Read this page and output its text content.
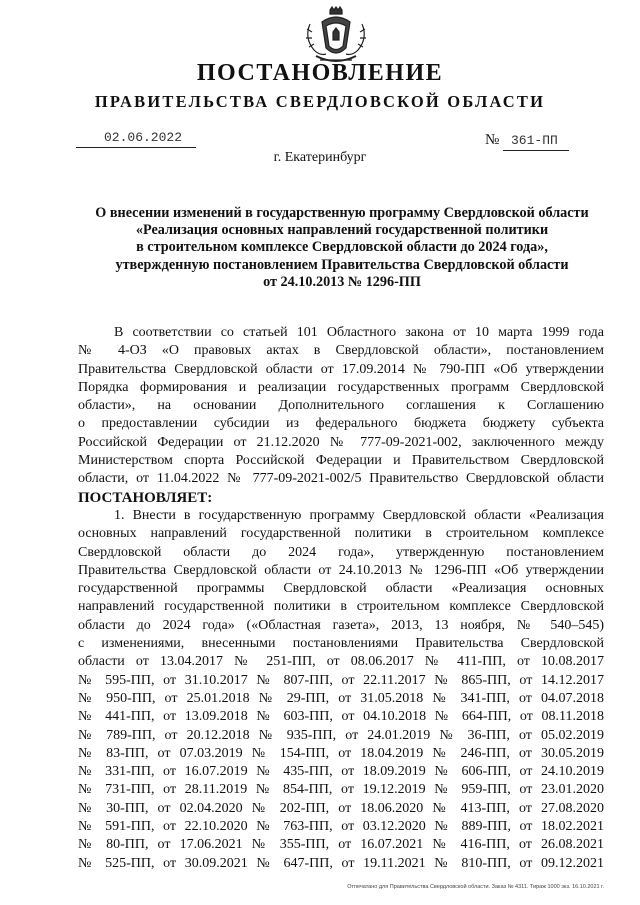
ПОСТАНОВЛЕНИЕ
ПРАВИТЕЛЬСТВА СВЕРДЛОВСКОЙ ОБЛАСТИ
02.06.2022	№ 361-ПП
г. Екатеринбург
О внесении изменений в государственную программу Свердловской области
«Реализация основных направлений государственной политики
в строительном комплексе Свердловской области до 2024 года»,
утвержденную постановлением Правительства Свердловской области
от 24.10.2013 № 1296-ПП
В соответствии со статьей 101 Областного закона от 10 марта 1999 года
№ 4-ОЗ «О правовых актах в Свердловской области», постановлением
Правительства Свердловской области от 17.09.2014 № 790-ПП «Об утверждении
Порядка формирования и реализации государственных программ Свердловской
области», на основании Дополнительного соглашения к Соглашению
о предоставлении субсидии из федерального бюджета бюджету субъекта
Российской Федерации от 21.12.2020 № 777-09-2021-002, заключенного между
Министерством спорта Российской Федерации и Правительством Свердловской
области, от 11.04.2022 № 777-09-2021-002/5 Правительство Свердловской области
ПОСТАНОВЛЯЕТ:
1. Внести в государственную программу Свердловской области «Реализация
основных направлений государственной политики в строительном комплексе
Свердловской области до 2024 года», утвержденную постановлением
Правительства Свердловской области от 24.10.2013 № 1296-ПП «Об утверждении
государственной программы Свердловской области «Реализация основных
направлений государственной политики в строительном комплексе Свердловской
области до 2024 года» («Областная газета», 2013, 13 ноября, № 540–545)
с изменениями, внесенными постановлениями Правительства Свердловской
области от 13.04.2017 № 251-ПП, от 08.06.2017 № 411-ПП, от 10.08.2017
№ 595-ПП, от 31.10.2017 № 807-ПП, от 22.11.2017 № 865-ПП, от 14.12.2017
№ 950-ПП, от 25.01.2018 № 29-ПП, от 31.05.2018 № 341-ПП, от 04.07.2018
№ 441-ПП, от 13.09.2018 № 603-ПП, от 04.10.2018 № 664-ПП, от 08.11.2018
№ 789-ПП, от 20.12.2018 № 935-ПП, от 24.01.2019 № 36-ПП, от 05.02.2019
№ 83-ПП, от 07.03.2019 № 154-ПП, от 18.04.2019 № 246-ПП, от 30.05.2019
№ 331-ПП, от 16.07.2019 № 435-ПП, от 18.09.2019 № 606-ПП, от 24.10.2019
№ 731-ПП, от 28.11.2019 № 854-ПП, от 19.12.2019 № 959-ПП, от 23.01.2020
№ 30-ПП, от 02.04.2020 № 202-ПП, от 18.06.2020 № 413-ПП, от 27.08.2020
№ 591-ПП, от 22.10.2020 № 763-ПП, от 03.12.2020 № 889-ПП, от 18.02.2021
№ 80-ПП, от 17.06.2021 № 355-ПП, от 16.07.2021 № 416-ПП, от 26.08.2021
№ 525-ПП, от 30.09.2021 № 647-ПП, от 19.11.2021 № 810-ПП, от 09.12.2021
Отпечатано для Правительства Свердловской области. Заказ № 4311. Тираж 1000 экз. 16.10.2021 г.
